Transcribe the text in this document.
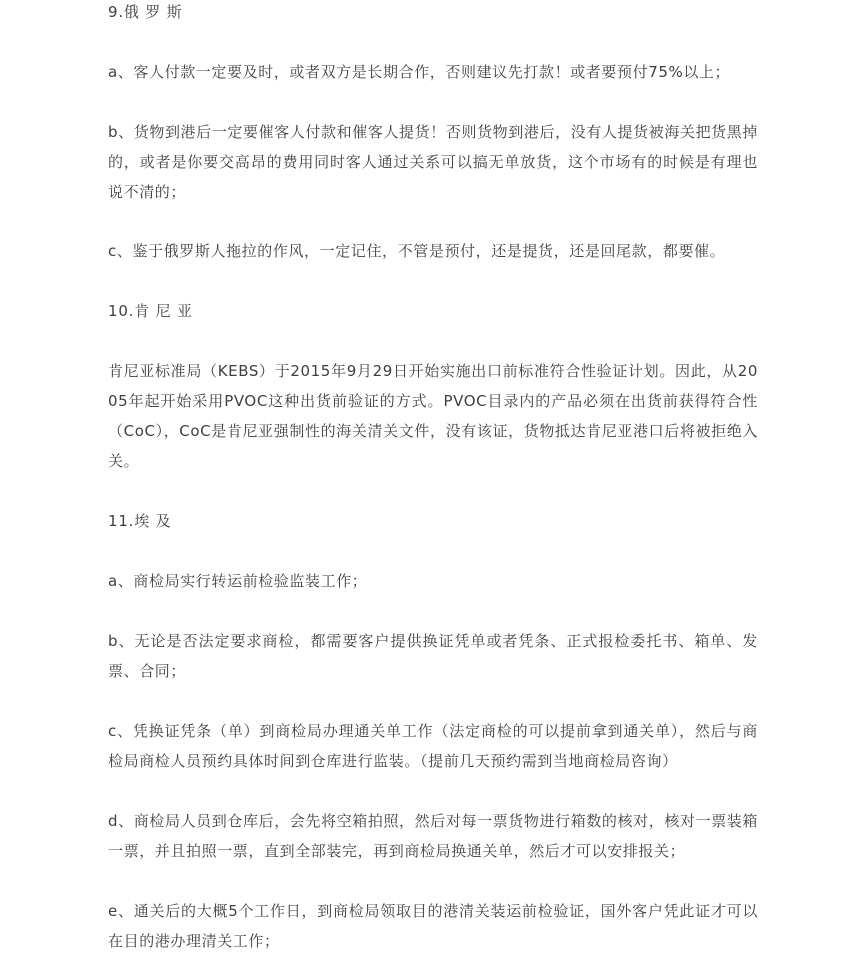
9.俄 罗 斯

a、客人付款一定要及时，或者双方是长期合作，否则建议先打款！或者要预付75%以上；

b、货物到港后一定要催客人付款和催客人提货！否则货物到港后，没有人提货被海关把货黑掉的，或者是你要交高昂的费用同时客人通过关系可以搞无单放货，这个市场有的时候是有理也说不清的；

c、鉴于俄罗斯人拖拉的作风，一定记住，不管是预付，还是提货，还是回尾款，都要催。

10.肯 尼 亚

肯尼亚标准局（KEBS）于2015年9月29日开始实施出口前标准符合性验证计划。因此，从2005年起开始采用PVOC这种出货前验证的方式。PVOC目录内的产品必须在出货前获得符合性（CoC），CoC是肯尼亚强制性的海关清关文件，没有该证，货物抵达肯尼亚港口后将被拒绝入关。

11.埃 及

a、商检局实行转运前检验监装工作；

b、无论是否法定要求商检，都需要客户提供换证凭单或者凭条、正式报检委托书、箱单、发票、合同；

c、凭换证凭条（单）到商检局办理通关单工作（法定商检的可以提前拿到通关单），然后与商检局商检人员预约具体时间到仓库进行监装。（提前几天预约需到当地商检局咨询）

d、商检局人员到仓库后，会先将空箱拍照，然后对每一票货物进行箱数的核对，核对一票装箱一票，并且拍照一票，直到全部装完，再到商检局换通关单，然后才可以安排报关；

e、通关后的大概5个工作日，到商检局领取目的港清关装运前检验证，国外客户凭此证才可以在目的港办理清关工作；
